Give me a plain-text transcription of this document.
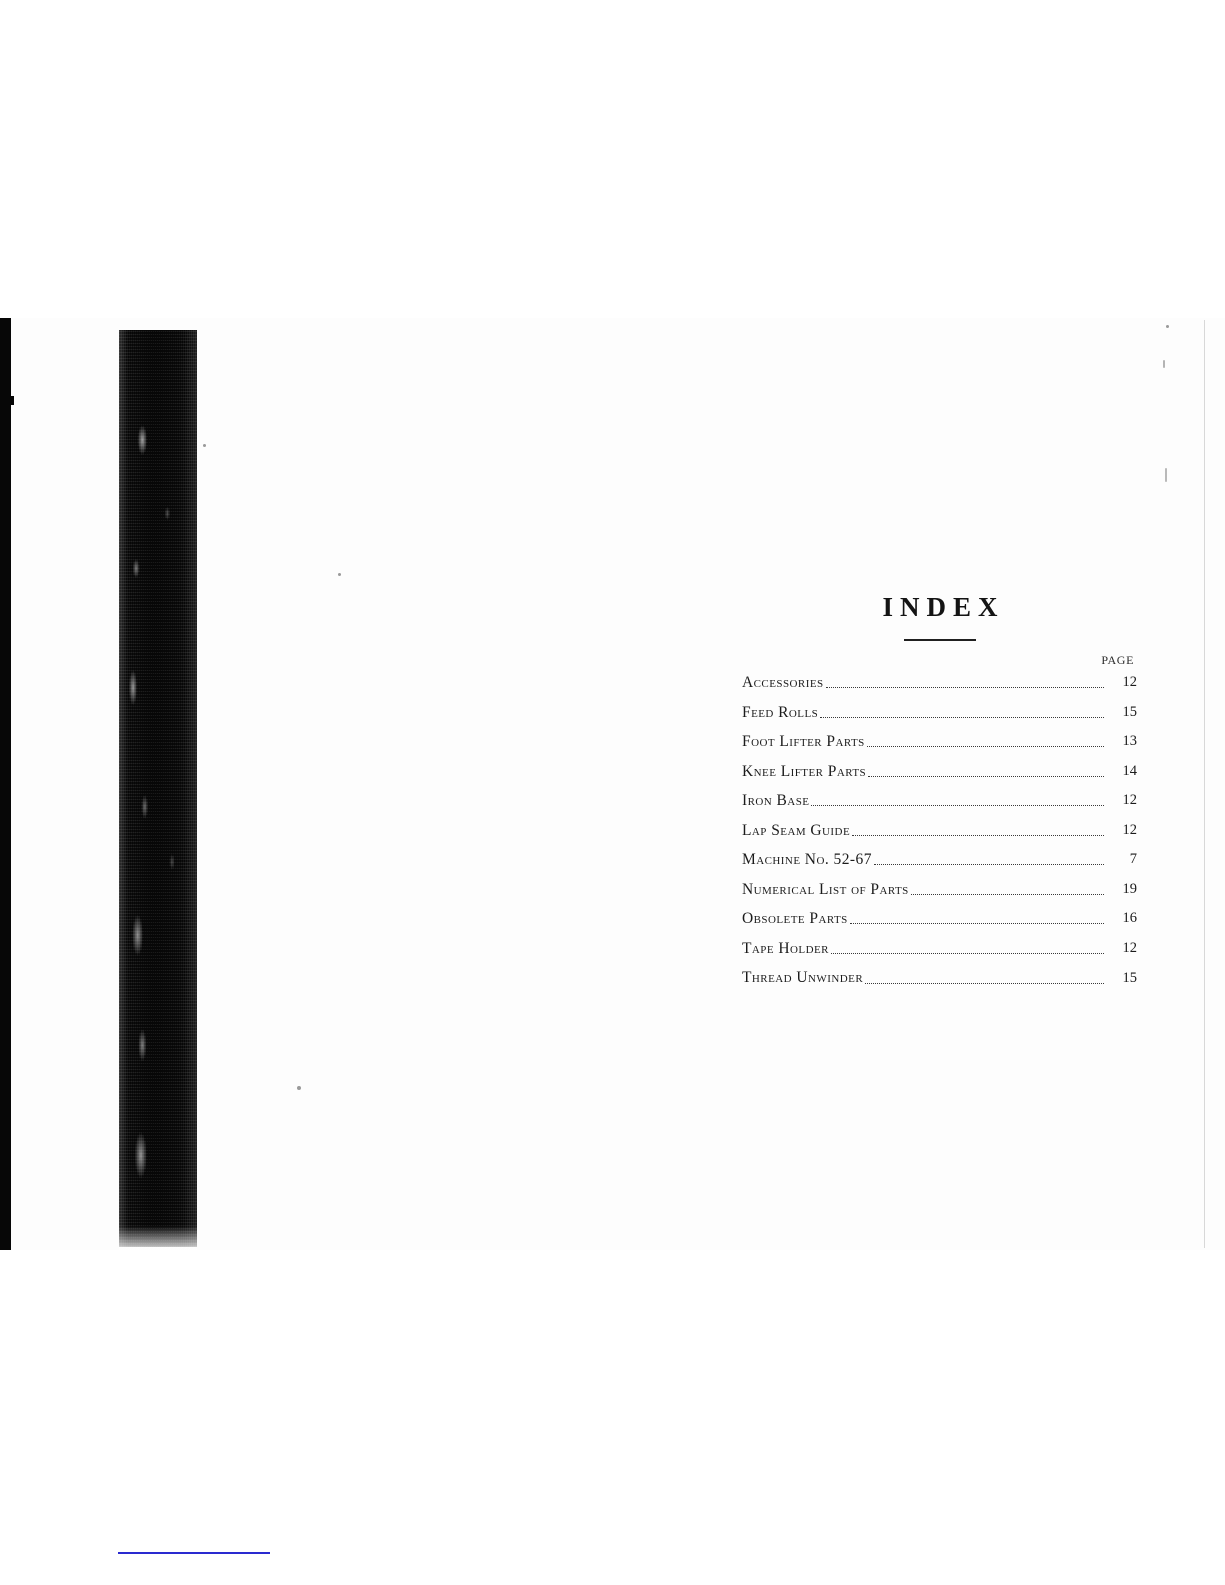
INDEX
PAGE
Accessories	12
Feed Rolls	15
Foot Lifter Parts	13
Knee Lifter Parts	14
Iron Base	12
Lap Seam Guide	12
Machine No. 52-67	7
Numerical List of Parts	19
Obsolete Parts	16
Tape Holder	12
Thread Unwinder	15
